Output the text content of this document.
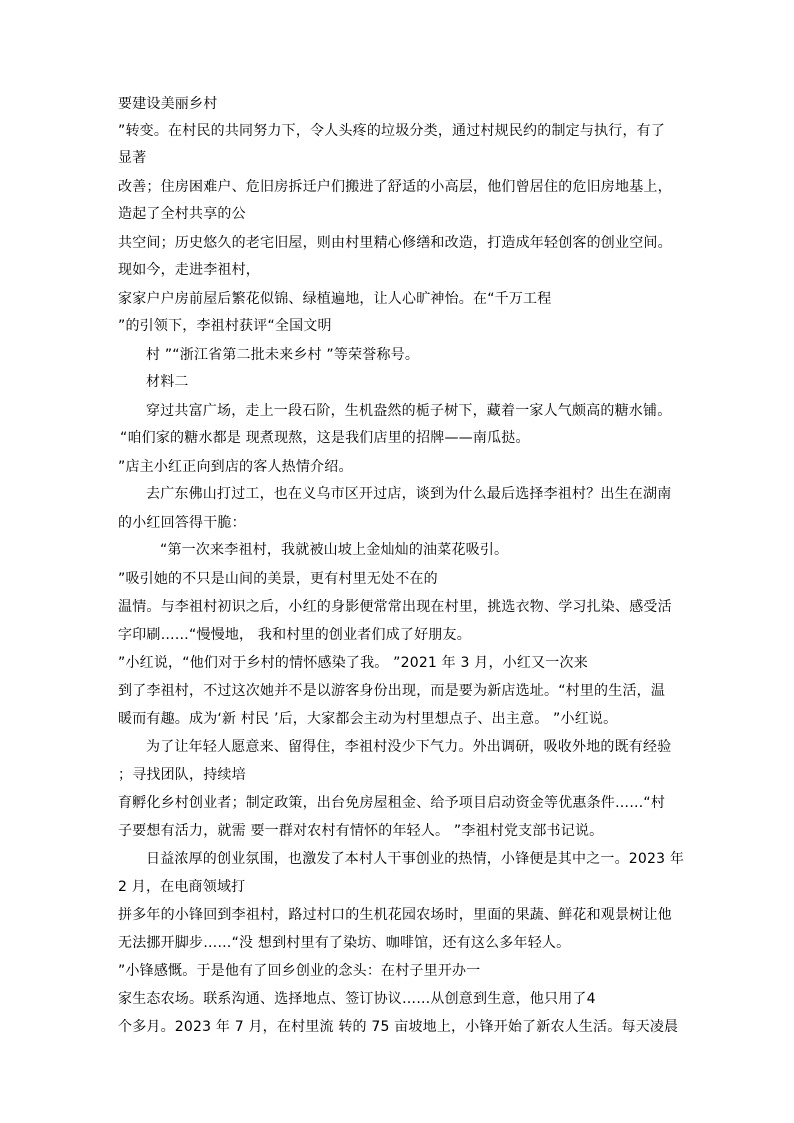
要建设美丽乡村
”转变。在村民的共同努力下，令人头疼的垃圾分类，通过村规民约的制定与执行，有了
显著
改善；住房困难户、危旧房拆迁户们搬进了舒适的小高层，他们曾居住的危旧房地基上，
造起了全村共享的公
共空间；历史悠久的老宅旧屋，则由村里精心修缮和改造，打造成年轻创客的创业空间。
现如今，走进李祖村，
家家户户房前屋后繁花似锦、绿植遍地，让人心旷神怡。在“千万工程
”的引领下，李祖村获评“全国文明
村 ”“浙江省第二批未来乡村 ”等荣誉称号。
材料二
穿过共富广场，走上一段石阶，生机盎然的栀子树下，藏着一家人气颇高的糖水铺。
“咱们家的糖水都是 现煮现熬，这是我们店里的招牌——南瓜挞。
”店主小红正向到店的客人热情介绍。
去广东佛山打过工，也在义乌市区开过店，谈到为什么最后选择李祖村？出生在湖南
的小红回答得干脆：
“第一次来李祖村，我就被山坡上金灿灿的油菜花吸引。
”吸引她的不只是山间的美景，更有村里无处不在的
温情。与李祖村初识之后，小红的身影便常常出现在村里，挑选衣物、学习扎染、感受活
字印刷……“慢慢地， 我和村里的创业者们成了好朋友。
”小红说，“他们对于乡村的情怀感染了我。 ”2021 年 3 月，小红又一次来
到了李祖村，不过这次她并不是以游客身份出现，而是要为新店选址。“村里的生活，温
暖而有趣。成为‘新 村民 ’后，大家都会主动为村里想点子、出主意。 ”小红说。
为了让年轻人愿意来、留得住，李祖村没少下气力。外出调研，吸收外地的既有经验
；寻找团队，持续培
育孵化乡村创业者；制定政策，出台免房屋租金、给予项目启动资金等优惠条件……“村
子要想有活力，就需 要一群对农村有情怀的年轻人。 ”李祖村党支部书记说。
日益浓厚的创业氛围，也激发了本村人干事创业的热情，小锋便是其中之一。2023 年
2 月，在电商领域打
拼多年的小锋回到李祖村，路过村口的生机花园农场时，里面的果蔬、鲜花和观景树让他
无法挪开脚步……“没 想到村里有了染坊、咖啡馆，还有这么多年轻人。
”小锋感慨。于是他有了回乡创业的念头：在村子里开办一
家生态农场。联系沟通、选择地点、签订协议……从创意到生意，他只用了4
个多月。2023 年 7 月，在村里流 转的 75 亩坡地上，小锋开始了新农人生活。每天凌晨
